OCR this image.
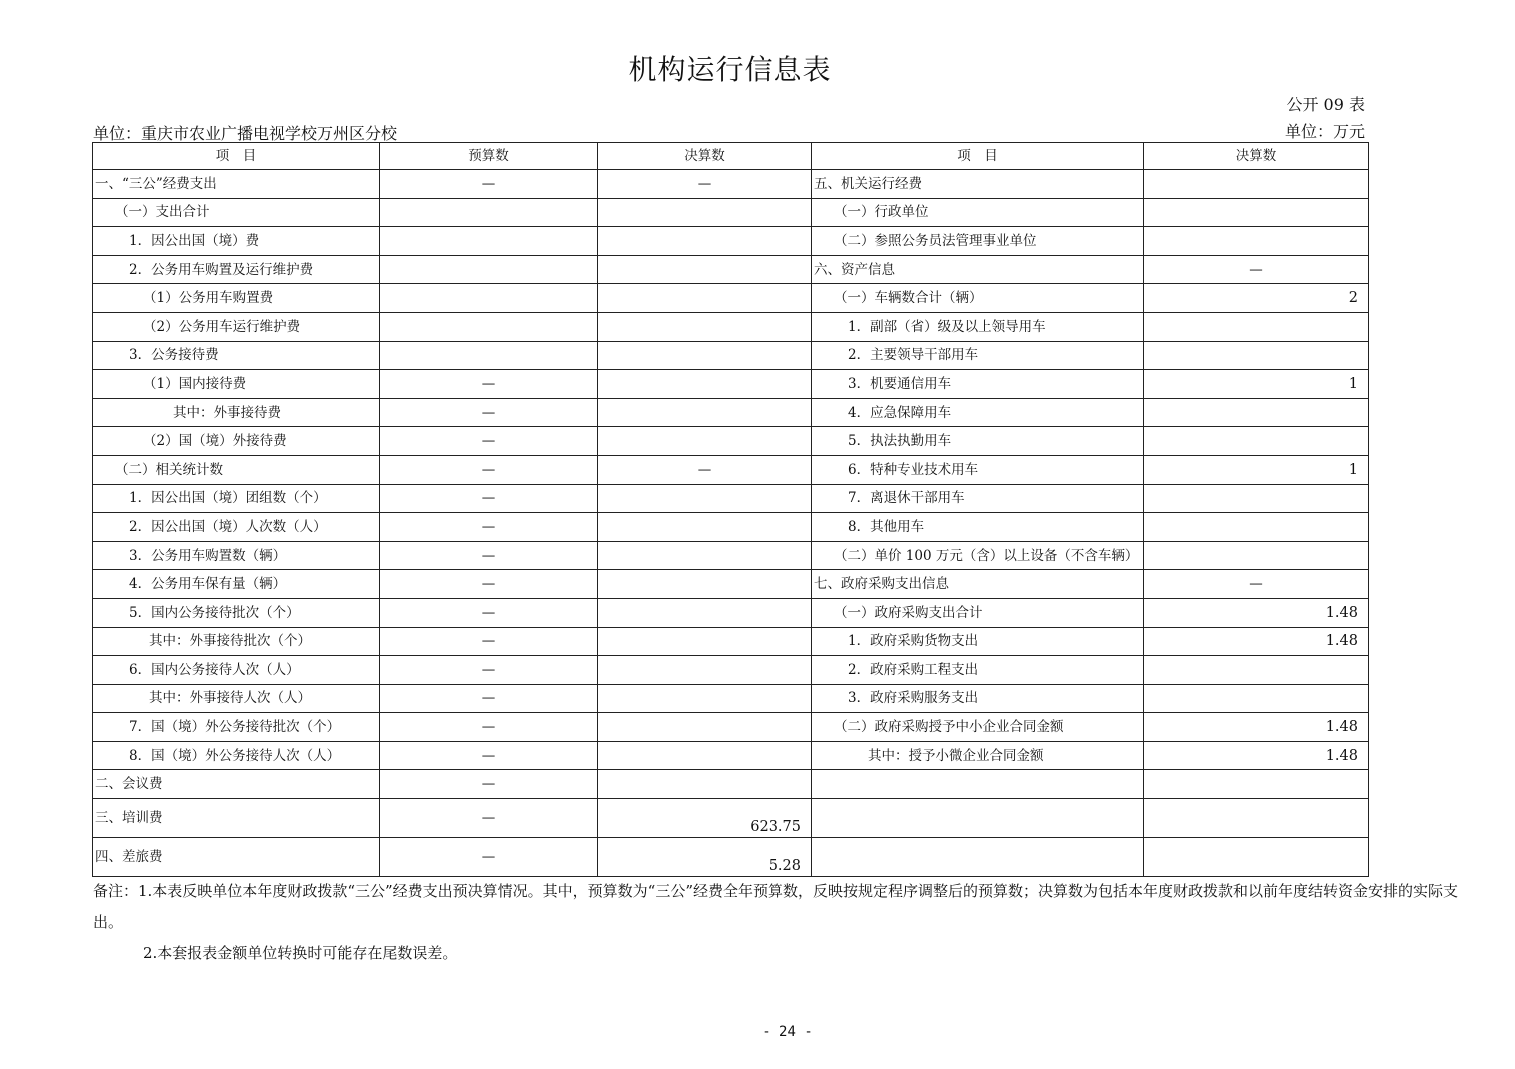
机构运行信息表
公开 09 表
单位：重庆市农业广播电视学校万州区分校	单位：万元
项　目	预算数	决算数	项　目	决算数
一、“三公”经费支出	—	—	五、机关运行经费	
（一）支出合计			（一）行政单位	
1．因公出国（境）费			（二）参照公务员法管理事业单位	
2．公务用车购置及运行维护费			六、资产信息	—
（1）公务用车购置费			（一）车辆数合计（辆）	2
（2）公务用车运行维护费			1．副部（省）级及以上领导用车	
3．公务接待费			2．主要领导干部用车	
（1）国内接待费	—		3．机要通信用车	1
其中：外事接待费	—		4．应急保障用车	
（2）国（境）外接待费	—		5．执法执勤用车	
（二）相关统计数	—	—	6．特种专业技术用车	1
1．因公出国（境）团组数（个）	—		7．离退休干部用车	
2．因公出国（境）人次数（人）	—		8．其他用车	
3．公务用车购置数（辆）	—		（二）单价 100 万元（含）以上设备（不含车辆）	
4．公务用车保有量（辆）	—		七、政府采购支出信息	—
5．国内公务接待批次（个）	—		（一）政府采购支出合计	1.48
其中：外事接待批次（个）	—		1．政府采购货物支出	1.48
6．国内公务接待人次（人）	—		2．政府采购工程支出	
其中：外事接待人次（人）	—		3．政府采购服务支出	
7．国（境）外公务接待批次（个）	—		（二）政府采购授予中小企业合同金额	1.48
8．国（境）外公务接待人次（人）	—		其中：授予小微企业合同金额	1.48
二、会议费	—			
三、培训费	—	623.75		
四、差旅费	—	5.28		

备注：1.本表反映单位本年度财政拨款“三公”经费支出预决算情况。其中，预算数为“三公”经费全年预算数，反映按规定程序调整后的预算数；决算数为包括本年度财政拨款和以前年度结转资金安排的实际支出。

2.本套报表金额单位转换时可能存在尾数误差。

- 24 -
